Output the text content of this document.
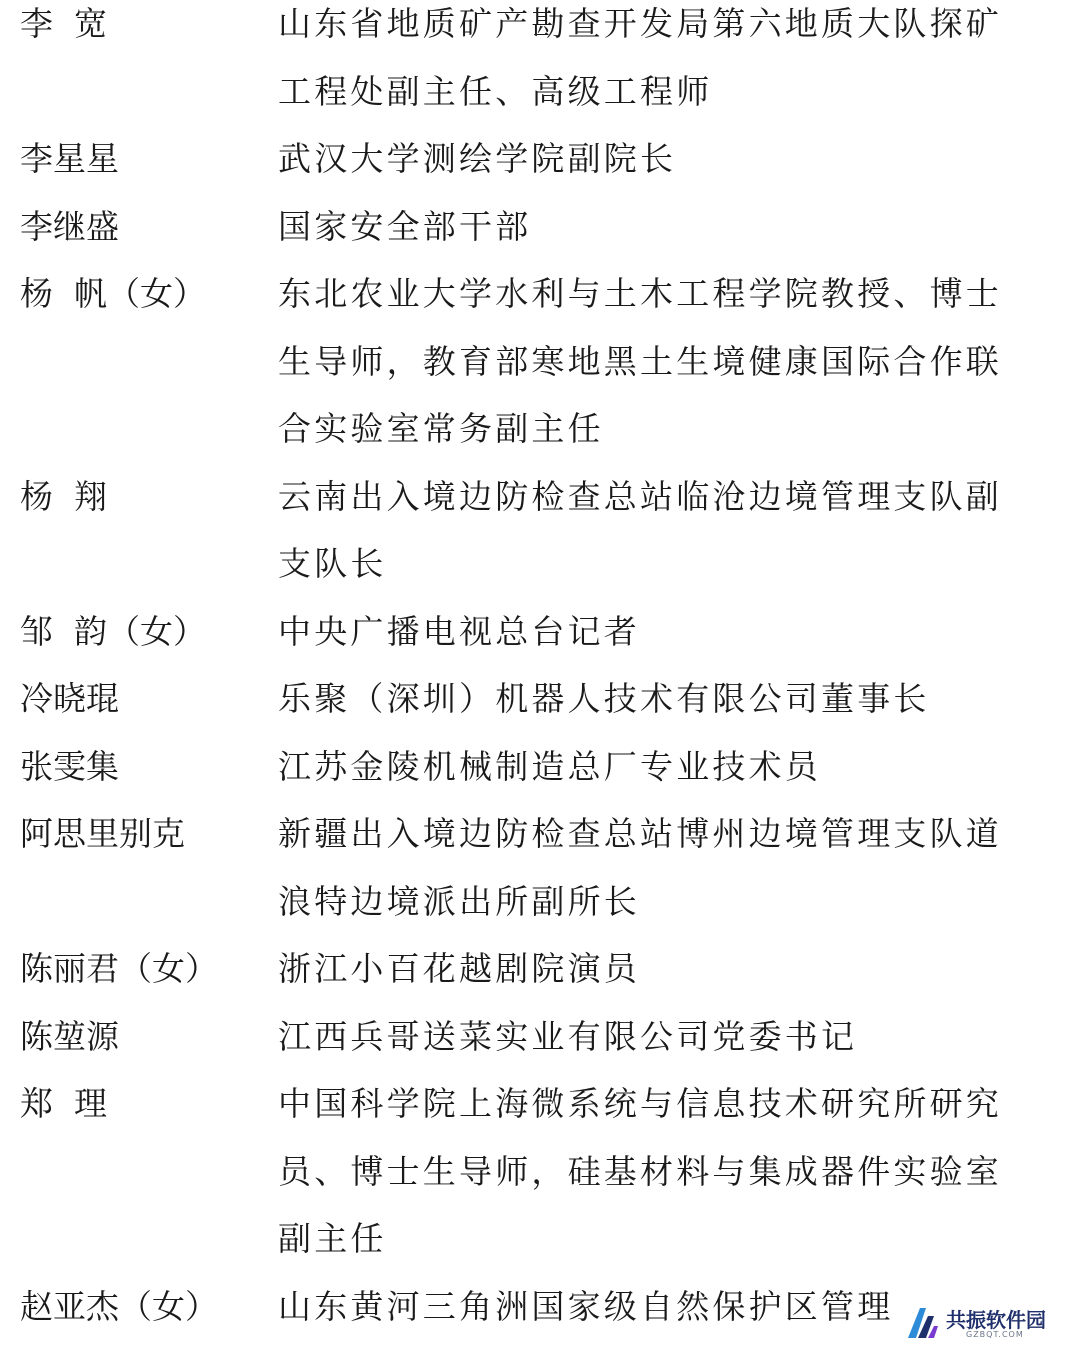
李  宽	山东省地质矿产勘查开发局第六地质大队探矿
工程处副主任、高级工程师
李星星	武汉大学测绘学院副院长
李继盛	国家安全部干部
杨  帆（女） 东北农业大学水利与土木工程学院教授、博士
生导师，教育部寒地黑土生境健康国际合作联
合实验室常务副主任
杨  翔	云南出入境边防检查总站临沧边境管理支队副
支队长
邹  韵（女） 中央广播电视总台记者
冷晓琨	乐聚（深圳）机器人技术有限公司董事长
张雯集	江苏金陵机械制造总厂专业技术员
阿思里别克	新疆出入境边防检查总站博州边境管理支队道
浪特边境派出所副所长
陈丽君（女） 浙江小百花越剧院演员
陈堃源	江西兵哥送菜实业有限公司党委书记
郑  理	中国科学院上海微系统与信息技术研究所研究
员、博士生导师，硅基材料与集成器件实验室
副主任
赵亚杰（女） 山东黄河三角洲国家级自然保护区管理	共振软件园
GZBQT.COM
